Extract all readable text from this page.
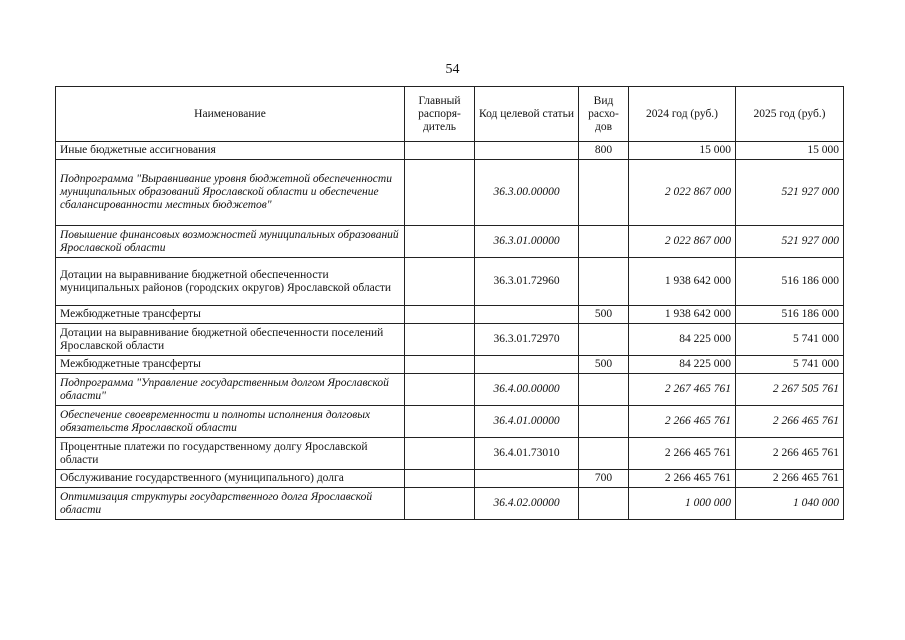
54
Наименование	Главный распоря-дитель	Код целевой статьи	Вид расхо-дов	2024 год (руб.)	2025 год (руб.)
Иные бюджетные ассигнования			800	15 000	15 000
Подпрограмма "Выравнивание уровня бюджетной обеспеченности муниципальных образований Ярославской области и обеспечение сбалансированности местных бюджетов"		36.3.00.00000		2 022 867 000	521 927 000
Повышение финансовых возможностей муниципальных образований Ярославской области		36.3.01.00000		2 022 867 000	521 927 000
Дотации на выравнивание бюджетной обеспеченности муниципальных районов (городских округов) Ярославской области		36.3.01.72960		1 938 642 000	516 186 000
Межбюджетные трансферты			500	1 938 642 000	516 186 000
Дотации на выравнивание бюджетной обеспеченности поселений Ярославской области		36.3.01.72970		84 225 000	5 741 000
Межбюджетные трансферты			500	84 225 000	5 741 000
Подпрограмма "Управление государственным долгом Ярославской области"		36.4.00.00000		2 267 465 761	2 267 505 761
Обеспечение своевременности и полноты исполнения долговых обязательств Ярославской области		36.4.01.00000		2 266 465 761	2 266 465 761
Процентные платежи по государственному долгу Ярославской области		36.4.01.73010		2 266 465 761	2 266 465 761
Обслуживание государственного (муниципального) долга			700	2 266 465 761	2 266 465 761
Оптимизация структуры государственного долга Ярославской области		36.4.02.00000		1 000 000	1 040 000
